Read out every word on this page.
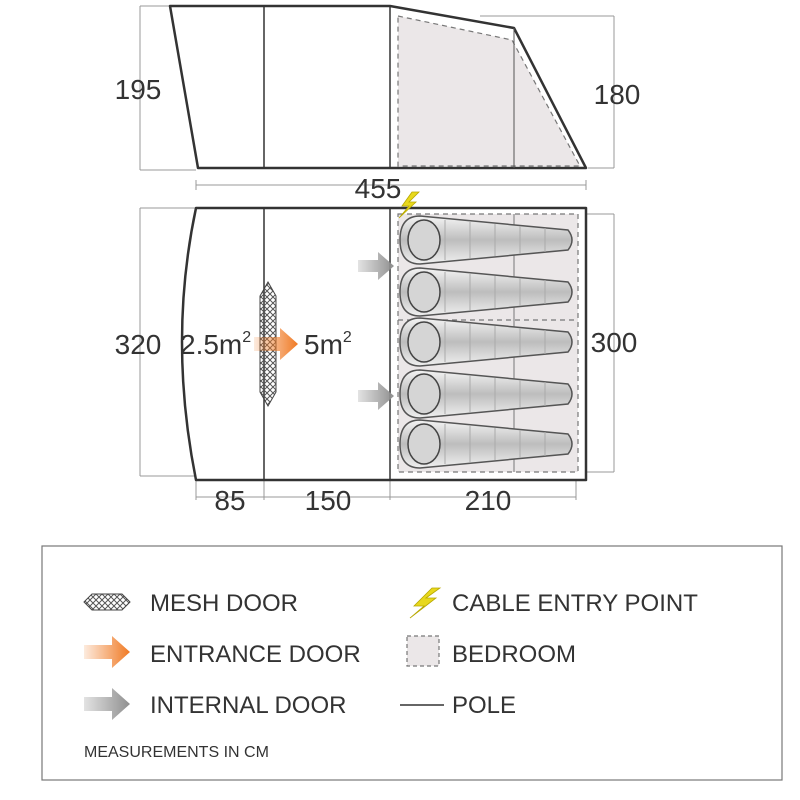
195	180
455
320	300
$2.5m^2$ $5m^2$
85 150	210
MESH DOOR
ENTRANCE DOOR
INTERNAL DOOR
CABLE ENTRY POINT
BEDROOM
POLE
MEASUREMENTS IN CM
